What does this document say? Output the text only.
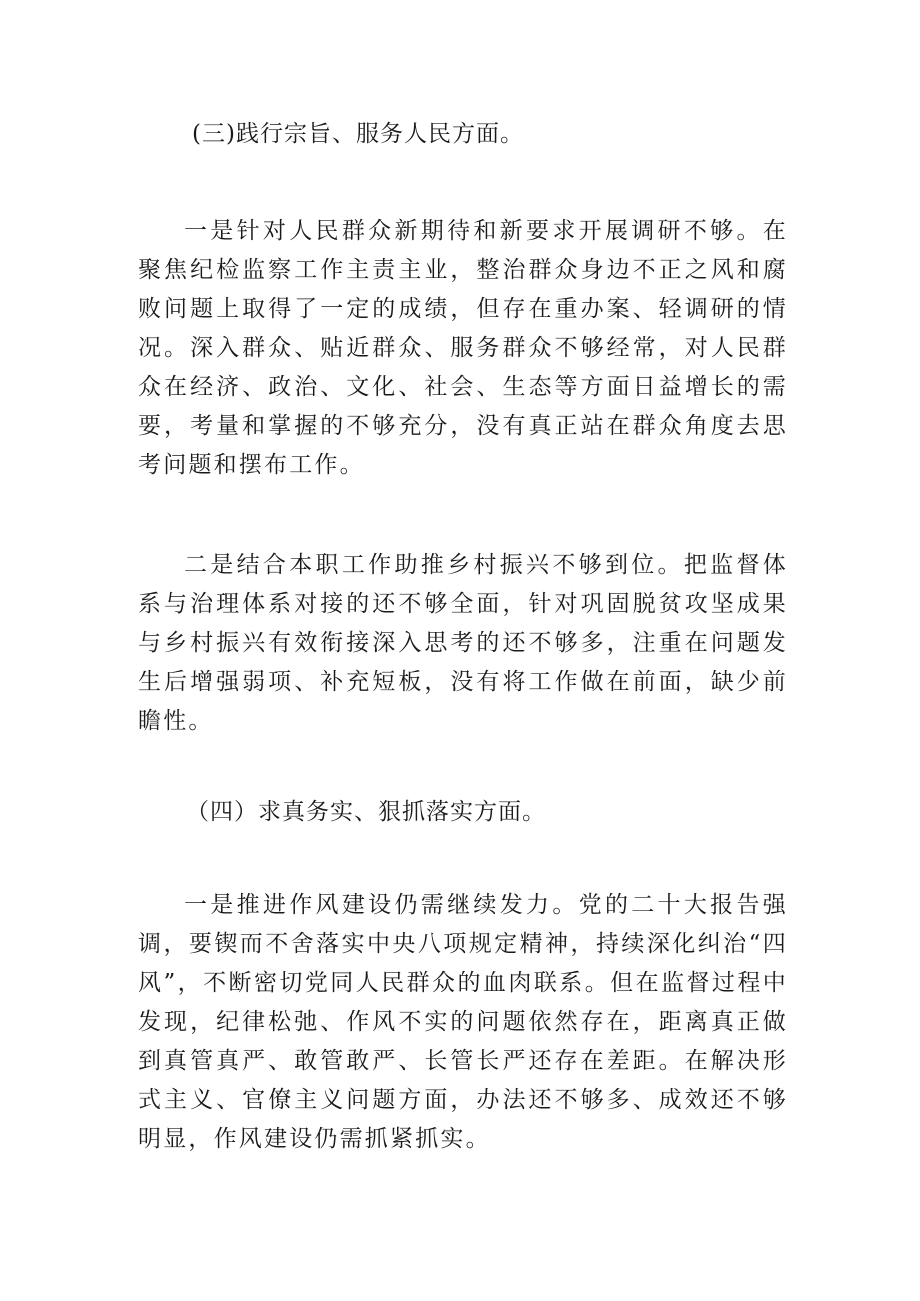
(三)践行宗旨、服务人民方面。

一是针对人民群众新期待和新要求开展调研不够。在聚焦纪检监察工作主责主业，整治群众身边不正之风和腐败问题上取得了一定的成绩，但存在重办案、轻调研的情况。深入群众、贴近群众、服务群众不够经常，对人民群众在经济、政治、文化、社会、生态等方面日益增长的需要，考量和掌握的不够充分，没有真正站在群众角度去思考问题和摆布工作。

二是结合本职工作助推乡村振兴不够到位。把监督体系与治理体系对接的还不够全面，针对巩固脱贫攻坚成果与乡村振兴有效衔接深入思考的还不够多，注重在问题发生后增强弱项、补充短板，没有将工作做在前面，缺少前瞻性。

（四）求真务实、狠抓落实方面。

一是推进作风建设仍需继续发力。党的二十大报告强调，要锲而不舍落实中央八项规定精神，持续深化纠治“四风”，不断密切党同人民群众的血肉联系。但在监督过程中发现，纪律松弛、作风不实的问题依然存在，距离真正做到真管真严、敢管敢严、长管长严还存在差距。在解决形式主义、官僚主义问题方面，办法还不够多、成效还不够明显，作风建设仍需抓紧抓实。
